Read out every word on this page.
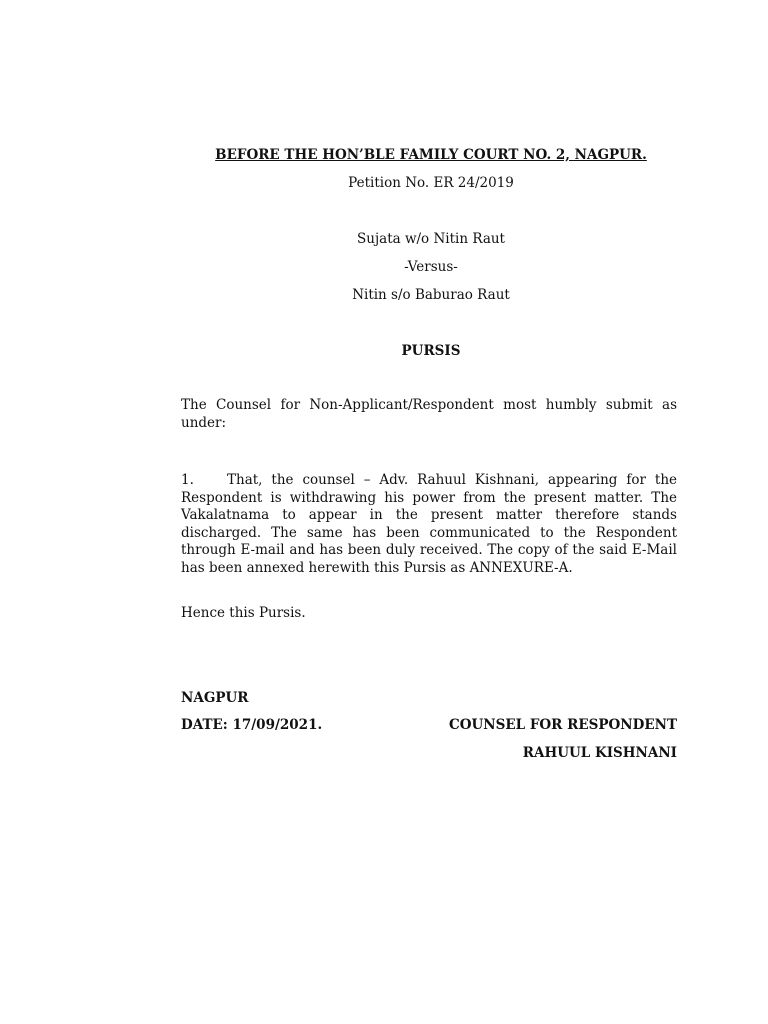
BEFORE THE HON’BLE FAMILY COURT NO. 2, NAGPUR.
Petition No. ER 24/2019
Sujata w/o Nitin Raut
-Versus-
Nitin s/o Baburao Raut
PURSIS

The Counsel for Non-Applicant/Respondent most humbly submit as under:

1. That, the counsel – Adv. Rahuul Kishnani, appearing for the Respondent is withdrawing his power from the present matter. The Vakalatnama to appear in the present matter therefore stands discharged. The same has been communicated to the Respondent through E-mail and has been duly received. The copy of the said E-Mail has been annexed herewith this Pursis as ANNEXURE-A.

Hence this Pursis.
NAGPUR
DATE: 17/09/2021.	COUNSEL FOR RESPONDENT
RAHUUL KISHNANI
